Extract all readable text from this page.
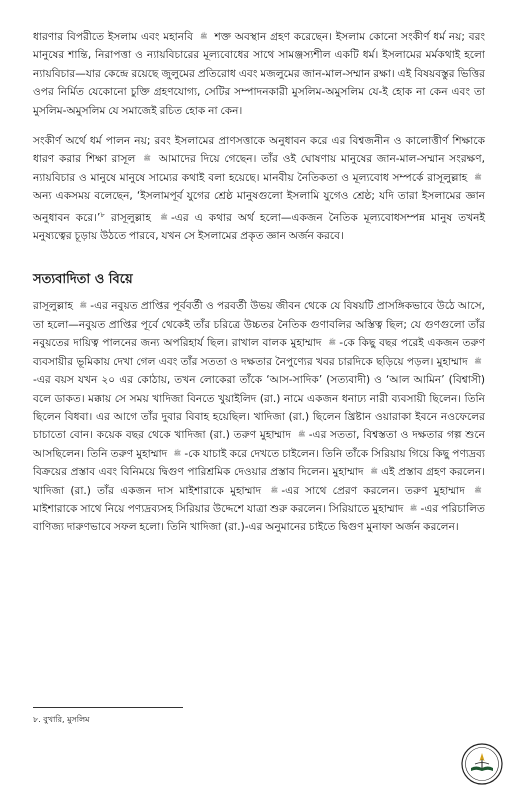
ধারণার বিপরীতে ইসলাম এবং মহানবি ﷺ শক্ত অবস্থান গ্রহণ করেছেন। ইসলাম কোনো সংকীর্ণ ধর্ম নয়; বরং মানুষের শান্তি, নিরাপত্তা ও ন্যায়বিচারের মূল্যবোধের সাথে সামঞ্জস্যশীল একটি ধর্ম। ইসলামের মর্মকথাই হলো ন্যায়বিচার—যার কেন্দ্রে রয়েছে জুলুমের প্রতিরোধ এবং মজলুমের জান-মাল-সম্মান রক্ষা। এই বিষয়বস্তুর ভিত্তির ওপর নির্মিত যেকোনো চুক্তি গ্রহণযোগ্য, সেটির সম্পাদনকারী মুসলিম-অমুসলিম যে-ই হোক না কেন এবং তা মুসলিম-অমুসলিম যে সমাজেই রচিত হোক না কেন।

সংকীর্ণ অর্থে ধর্ম পালন নয়; রবং ইসলামের প্রাণসত্তাকে অনুধাবন করে এর বিশ্বজনীন ও কালোত্তীর্ণ শিক্ষাকে ধারণ করার শিক্ষা রাসূল ﷺ আমাদের দিয়ে গেছেন। তাঁর ওই ঘোষণায় মানুষের জান-মাল-সম্মান সংরক্ষণ, ন্যায়বিচার ও মানুষে মানুষে সাম্যের কথাই বলা হয়েছে। মানবীয় নৈতিকতা ও মূল্যবোধ সম্পর্কে রাসূলুল্লাহ ﷺ অন্য একসময় বলেছেন, ‘ইসলামপূর্ব যুগের শ্রেষ্ঠ মানুষগুলো ইসলামি যুগেও শ্রেষ্ঠ; যদি তারা ইসলামের জ্ঞান অনুধাবন করে।’$^৮$ রাসূলুল্লাহ ﷺ -এর এ কথার অর্থ হলো—একজন নৈতিক মূল্যবোধসম্পন্ন মানুষ তখনই মনুষ্যত্বের চূড়ায় উঠতে পারবে, যখন সে ইসলামের প্রকৃত জ্ঞান অর্জন করবে।

সত্যবাদিতা ও বিয়ে

রাসূলুল্লাহ ﷺ -এর নবুয়ত প্রাপ্তির পূর্ববর্তী ও পরবর্তী উভয় জীবন থেকে যে বিষয়টি প্রাসঙ্গিকভাবে উঠে আসে, তা হলো—নবুয়ত প্রাপ্তির পূর্বে থেকেই তাঁর চরিত্রে উচ্চতর নৈতিক গুণাবলির অস্তিত্ব ছিল; যে গুণগুলো তাঁর নবুয়তের দায়িত্ব পালনের জন্য অপরিহার্য ছিল। রাখাল বালক মুহাম্মাদ ﷺ -কে কিছু বছর পরেই একজন তরুণ ব্যবসায়ীর ভূমিকায় দেখা গেল এবং তাঁর সততা ও দক্ষতার নৈপুণ্যের খবর চারদিকে ছড়িয়ে পড়ল। মুহাম্মাদ ﷺ-এর বয়স যখন ২০ এর কোঠায়, তখন লোকেরা তাঁকে ‘আস-সাদিক’ (সত্যবাদী) ও ‘আল আমিন’ (বিশ্বাসী) বলে ডাকত। মক্কায় সে সময় খাদিজা বিনতে খুয়াইলিদ (রা.) নামে একজন ধনাঢ্য নারী ব্যবসায়ী ছিলেন। তিনি ছিলেন বিধবা। এর আগে তাঁর দুবার বিবাহ হয়েছিল। খাদিজা (রা.) ছিলেন খ্রিষ্টান ওয়ারাকা ইবনে নওফেলের চাচাতো বোন। কয়েক বছর থেকে খাদিজা (রা.) তরুণ মুহাম্মাদ ﷺ -এর সততা, বিশ্বস্ততা ও দক্ষতার গল্প শুনে আসছিলেন। তিনি তরুণ মুহাম্মাদ ﷺ -কে যাচাই করে দেখতে চাইলেন। তিনি তাঁকে সিরিয়ায় গিয়ে কিছু পণ্যদ্রব্য বিক্রয়ের প্রস্তাব এবং বিনিময়ে দ্বিগুণ পারিশ্রমিক দেওয়ার প্রস্তাব দিলেন। মুহাম্মাদ ﷺ এই প্রস্তাব গ্রহণ করলেন। খাদিজা (রা.) তাঁর একজন দাস মাইশারাকে মুহাম্মাদ ﷺ -এর সাথে প্রেরণ করলেন। তরুণ মুহাম্মাদ ﷺমাইশারাকে সাথে নিয়ে পণ্যদ্রব্যসহ সিরিয়ার উদ্দেশে যাত্রা শুরু করলেন। সিরিয়াতে মুহাম্মাদ ﷺ -এর পরিচালিত বাণিজ্য দারুণভাবে সফল হলো। তিনি খাদিজা (রা.)-এর অনুমানের চাইতে দ্বিগুণ মুনাফা অর্জন করলেন।

৮. বুখারি, মুসলিম
